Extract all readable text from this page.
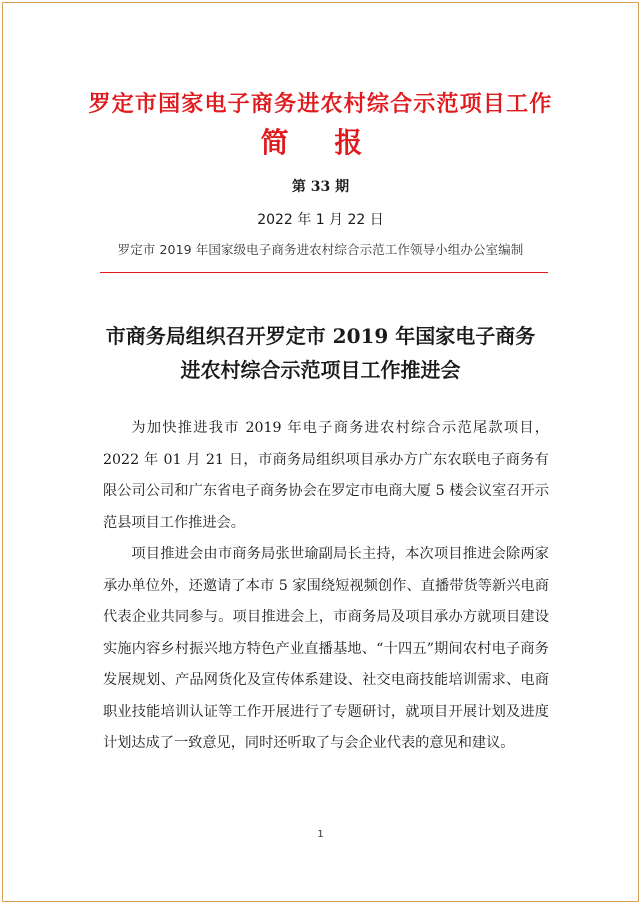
罗定市国家电子商务进农村综合示范项目工作
简 报
第 33 期
2022 年 1 月 22 日
罗定市 2019 年国家级电子商务进农村综合示范工作领导小组办公室编制
市商务局组织召开罗定市 2019 年国家电子商务
进农村综合示范项目工作推进会

为加快推进我市 2019 年电子商务进农村综合示范尾款项目，2022 年 01 月 21 日，市商务局组织项目承办方广东农联电子商务有限公司公司和广东省电子商务协会在罗定市电商大厦 5 楼会议室召开示范县项目工作推进会。

项目推进会由市商务局张世瑜副局长主持，本次项目推进会除两家承办单位外，还邀请了本市 5 家围绕短视频创作、直播带货等新兴电商代表企业共同参与。项目推进会上，市商务局及项目承办方就项目建设实施内容乡村振兴地方特色产业直播基地、“十四五”期间农村电子商务发展规划、产品网货化及宣传体系建设、社交电商技能培训需求、电商职业技能培训认证等工作开展进行了专题研讨，就项目开展计划及进度计划达成了一致意见，同时还听取了与会企业代表的意见和建议。

1
